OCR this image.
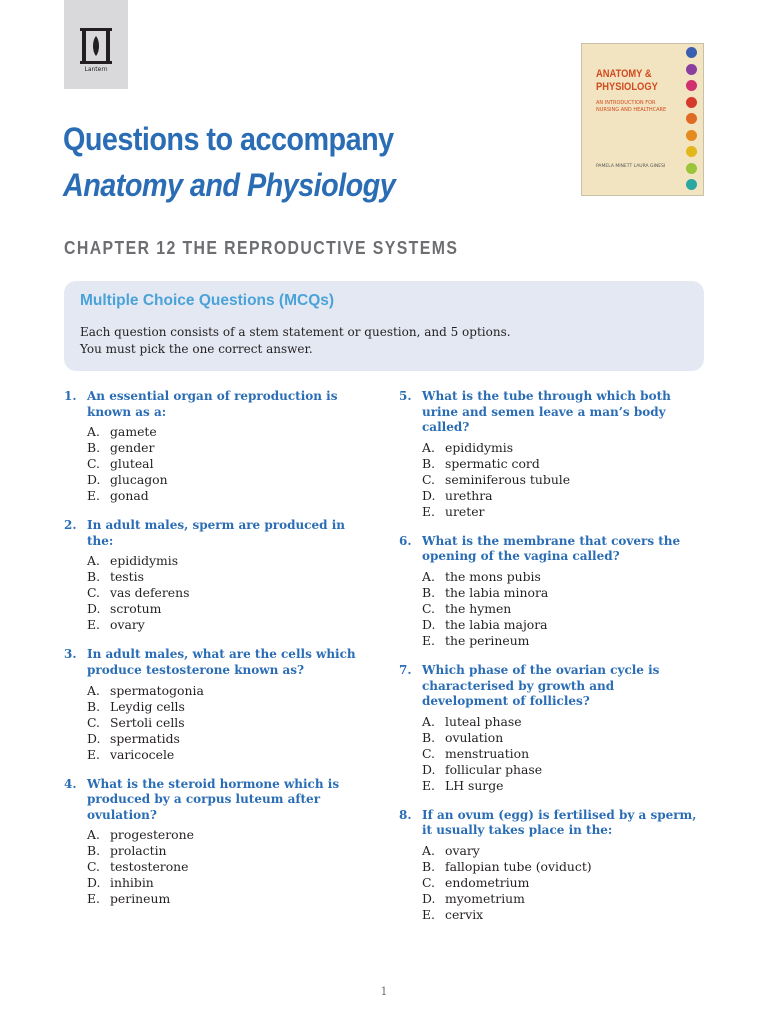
Lantern
Questions to accompany
Anatomy and Physiology
ANATOMY & PHYSIOLOGY
AN INTRODUCTION FOR NURSING AND HEALTHCARE
PAMELA MINETT LAURA GINESI
CHAPTER 12 THE REPRODUCTIVE SYSTEMS
Multiple Choice Questions (MCQs)
Each question consists of a stem statement or question, and 5 options.
You must pick the one correct answer.
1. An essential organ of reproduction is known as a:
A. gamete
B. gender
C. gluteal
D. glucagon
E. gonad
2. In adult males, sperm are produced in the:
A. epididymis
B. testis
C. vas deferens
D. scrotum
E. ovary
3. In adult males, what are the cells which produce testosterone known as?
A. spermatogonia
B. Leydig cells
C. Sertoli cells
D. spermatids
E. varicocele
4. What is the steroid hormone which is produced by a corpus luteum after ovulation?
A. progesterone
B. prolactin
C. testosterone
D. inhibin
E. perineum
5. What is the tube through which both urine and semen leave a man’s body called?
A. epididymis
B. spermatic cord
C. seminiferous tubule
D. urethra
E. ureter
6. What is the membrane that covers the opening of the vagina called?
A. the mons pubis
B. the labia minora
C. the hymen
D. the labia majora
E. the perineum
7. Which phase of the ovarian cycle is characterised by growth and development of follicles?
A. luteal phase
B. ovulation
C. menstruation
D. follicular phase
E. LH surge
8. If an ovum (egg) is fertilised by a sperm, it usually takes place in the:
A. ovary
B. fallopian tube (oviduct)
C. endometrium
D. myometrium
E. cervix
1
